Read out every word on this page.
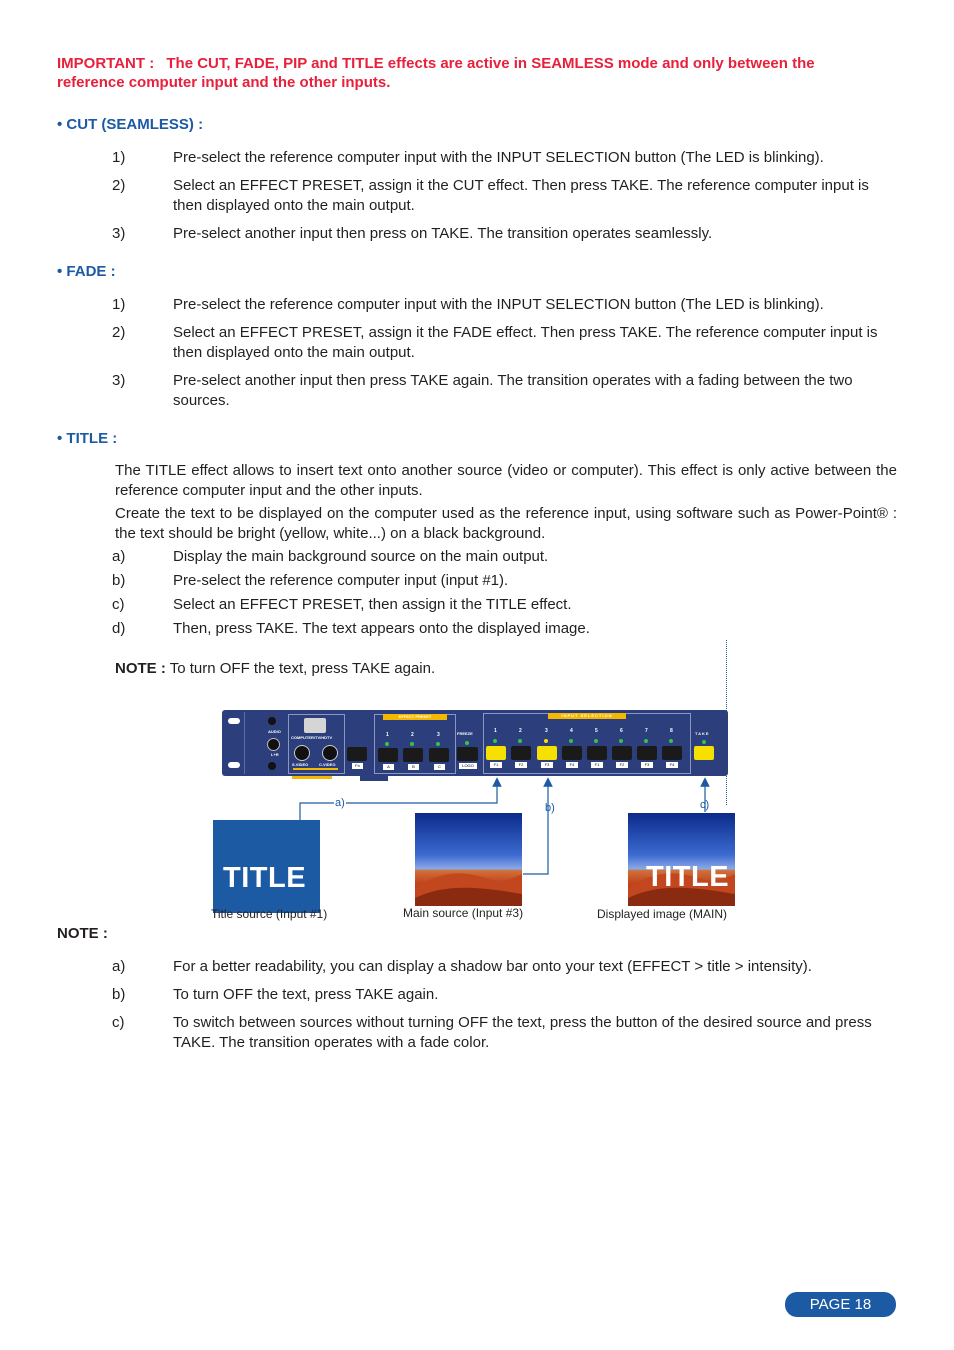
IMPORTANT : The CUT, FADE, PIP and TITLE effects are active in SEAMLESS mode and only between the
reference computer input and the other inputs.
• CUT (SEAMLESS) :
1)	Pre-select the reference computer input with the INPUT SELECTION button (The LED is blinking).
2)	Select an EFFECT PRESET, assign it the CUT effect. Then press TAKE. The reference computer input is then displayed onto the main output.
3)	Pre-select another input then press on TAKE. The transition operates seamlessly.
• FADE :
1)	Pre-select the reference computer input with the INPUT SELECTION button (The LED is blinking).
2)	Select an EFFECT PRESET, assign it the FADE effect. Then press TAKE. The reference computer input is then displayed onto the main output.
3)	Pre-select another input then press TAKE again. The transition operates with a fading between the two sources.
• TITLE :
The TITLE effect allows to insert text onto another source (video or computer). This effect is only active between the reference computer input and the other inputs.
Create the text to be displayed on the computer used as the reference input, using software such as Power-Point® : the text should be bright (yellow, white...) on a black background.
a)	Display the main background source on the main output.
b)	Pre-select the reference computer input (input #1).
c)	Select an EFFECT PRESET, then assign it the TITLE effect.
d)	Then, press TAKE. The text appears onto the displayed image.
NOTE : To turn OFF the text, press TAKE again.
AUDIO
L+R
COMPUTER/TV/HDTV
S.VIDEO	C.VIDEO	Fn
EFFECT PRESET
1	2	3
A	B	C
FREEZE
LOGO
INPUT SELECTION
1	2	3	4	5	6	7	8
F1	F2	F3	F4	F1	F2	F3	F4
TAKE
a)	b)	c)
TITLE	TITLE
Title source (Input #1)	Main source (Input #3)	Displayed image (MAIN)
NOTE :
a)	For a better readability, you can display a shadow bar onto your text (EFFECT > title > intensity).
b)	To turn OFF the text, press TAKE again.
c)	To switch between sources without turning OFF the text, press the button of the desired source and press TAKE. The transition operates with a fade color.
PAGE 18
